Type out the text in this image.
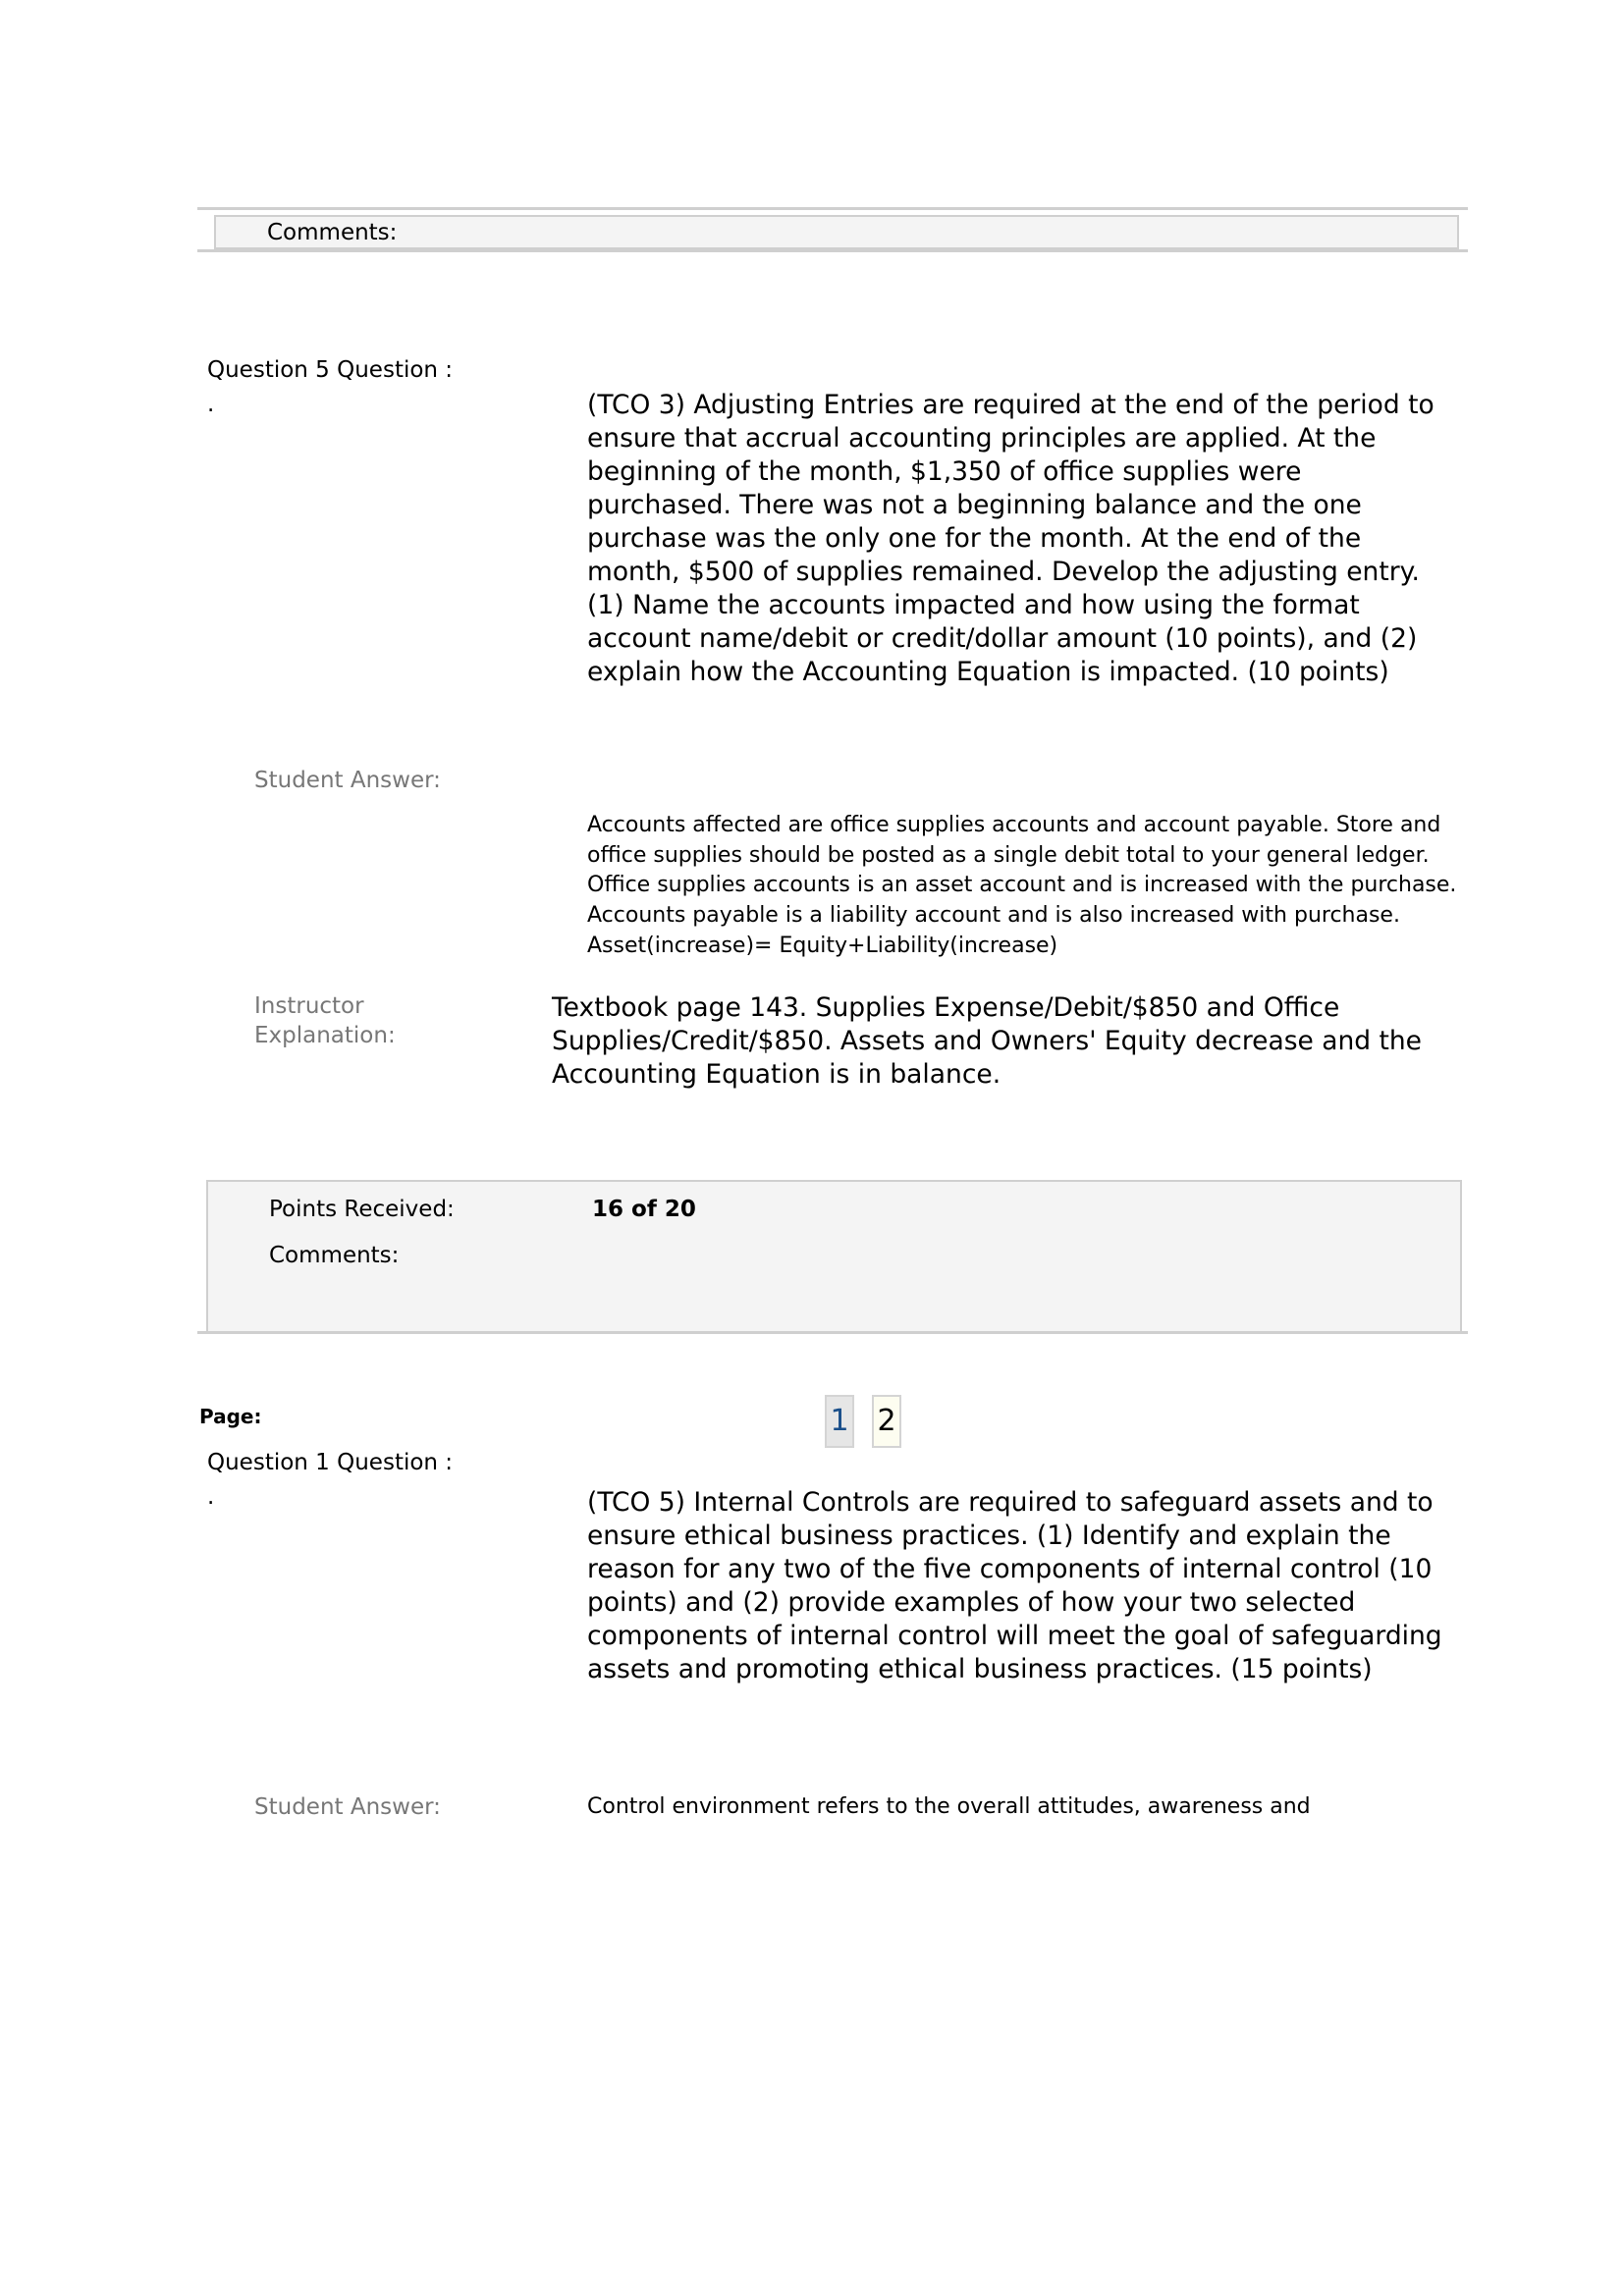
Comments:
Question 5 Question :
.	(TCO 3) Adjusting Entries are required at the end of the period to ensure that accrual accounting principles are applied. At the beginning of the month, $1,350 of office supplies were purchased. There was not a beginning balance and the one purchase was the only one for the month. At the end of the month, $500 of supplies remained. Develop the adjusting entry. (1) Name the accounts impacted and how using the format account name/debit or credit/dollar amount (10 points), and (2) explain how the Accounting Equation is impacted. (10 points)
Student Answer:
Accounts affected are office supplies accounts and account payable. Store and office supplies should be posted as a single debit total to your general ledger. Office supplies accounts is an asset account and is increased with the purchase. Accounts payable is a liability account and is also increased with purchase. Asset(increase)= Equity+Liability(increase)
Instructor
Explanation:
Textbook page 143. Supplies Expense/Debit/$850 and Office Supplies/Credit/$850. Assets and Owners' Equity decrease and the Accounting Equation is in balance.
Points Received:	16 of 20
Comments:
Page:	1 2
Question 1 Question :
.	(TCO 5) Internal Controls are required to safeguard assets and to ensure ethical business practices. (1) Identify and explain the reason for any two of the five components of internal control (10 points) and (2) provide examples of how your two selected components of internal control will meet the goal of safeguarding assets and promoting ethical business practices. (15 points)
Student Answer:	Control environment refers to the overall attitudes, awareness and
